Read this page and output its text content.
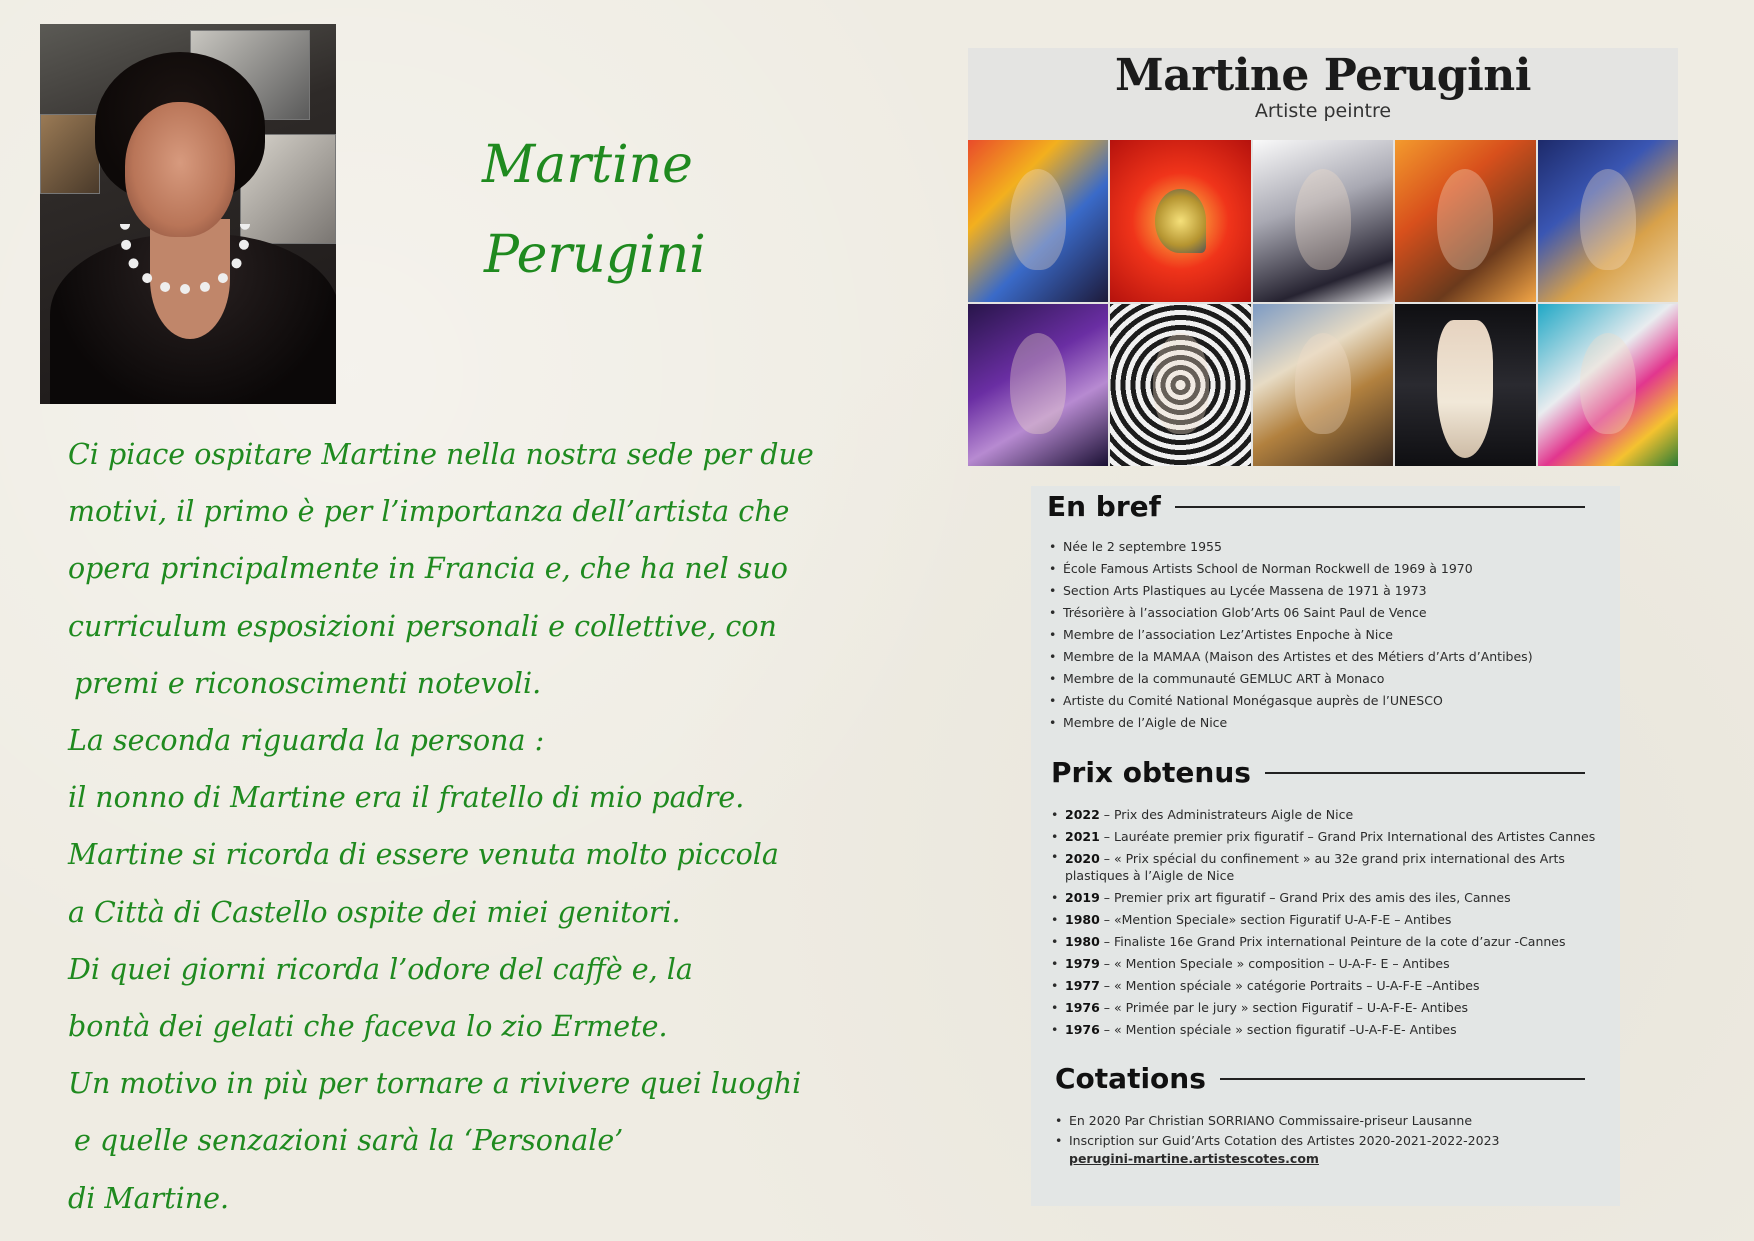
Martine
Perugini
Ci piace ospitare Martine nella nostra sede per due
motivi, il primo è per l’importanza dell’artista che
opera principalmente in Francia e, che ha nel suo
curriculum esposizioni personali e collettive, con
premi e riconoscimenti notevoli.
La seconda riguarda la persona :
il nonno di Martine era il fratello di mio padre.
Martine si ricorda di essere venuta molto piccola
a Città di Castello ospite dei miei genitori.
Di quei giorni ricorda l’odore del caffè e, la
bontà dei gelati che faceva lo zio Ermete.
Un motivo in più per tornare a rivivere quei luoghi
e quelle senzazioni sarà la ‘Personale’
di Martine.
Martine Perugini
Artiste peintre
En bref
• Née le 2 septembre 1955
• École Famous Artists School de Norman Rockwell de 1969 à 1970
• Section Arts Plastiques au Lycée Massena de 1971 à 1973
• Trésorière à l’association Glob’Arts 06 Saint Paul de Vence
• Membre de l’association Lez’Artistes Enpoche à Nice
• Membre de la MAMAA (Maison des Artistes et des Métiers d’Arts d’Antibes)
• Membre de la communauté GEMLUC ART à Monaco
• Artiste du Comité National Monégasque auprès de l’UNESCO
• Membre de l’Aigle de Nice
Prix obtenus
• 2022 – Prix des Administrateurs Aigle de Nice
• 2021 – Lauréate premier prix figuratif – Grand Prix International des Artistes Cannes
• 2020 – « Prix spécial du confinement » au 32e grand prix international des Arts plastiques à l’Aigle de Nice
• 2019 – Premier prix art figuratif – Grand Prix des amis des iles, Cannes
• 1980 – «Mention Speciale» section Figuratif U-A-F-E – Antibes
• 1980 – Finaliste 16e Grand Prix international Peinture de la cote d’azur -Cannes
• 1979 – « Mention Speciale » composition – U-A-F- E – Antibes
• 1977 – « Mention spéciale » catégorie Portraits – U-A-F-E –Antibes
• 1976 – « Primée par le jury » section Figuratif – U-A-F-E- Antibes
• 1976 – « Mention spéciale » section figuratif –U-A-F-E- Antibes
Cotations
• En 2020 Par Christian SORRIANO Commissaire-priseur Lausanne
• Inscription sur Guid’Arts Cotation des Artistes 2020-2021-2022-2023
perugini-martine.artistescotes.com
